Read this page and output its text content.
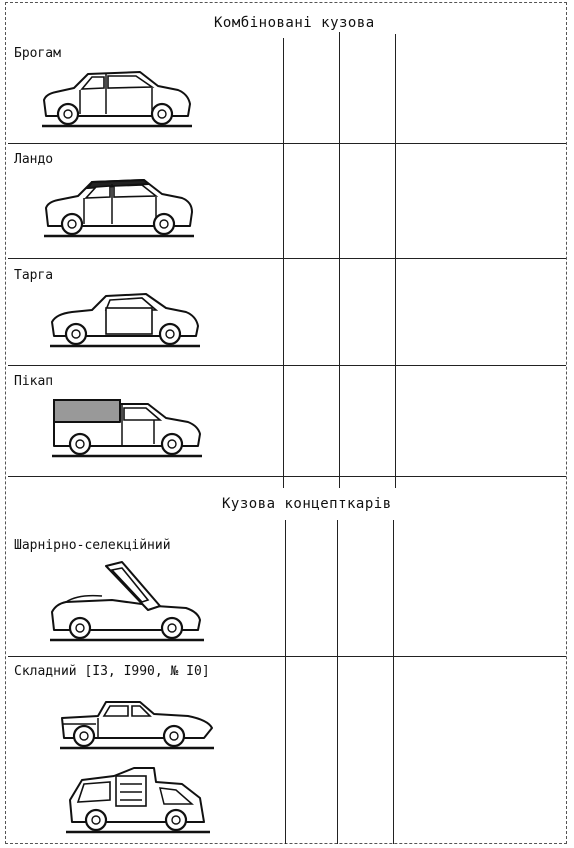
Комбіновані кузова
Брогам
Ландо
Тарга
Пікап
Кузова концепткарів
Шарнірно-селекційний
Складний [I3, I990, № I0]
